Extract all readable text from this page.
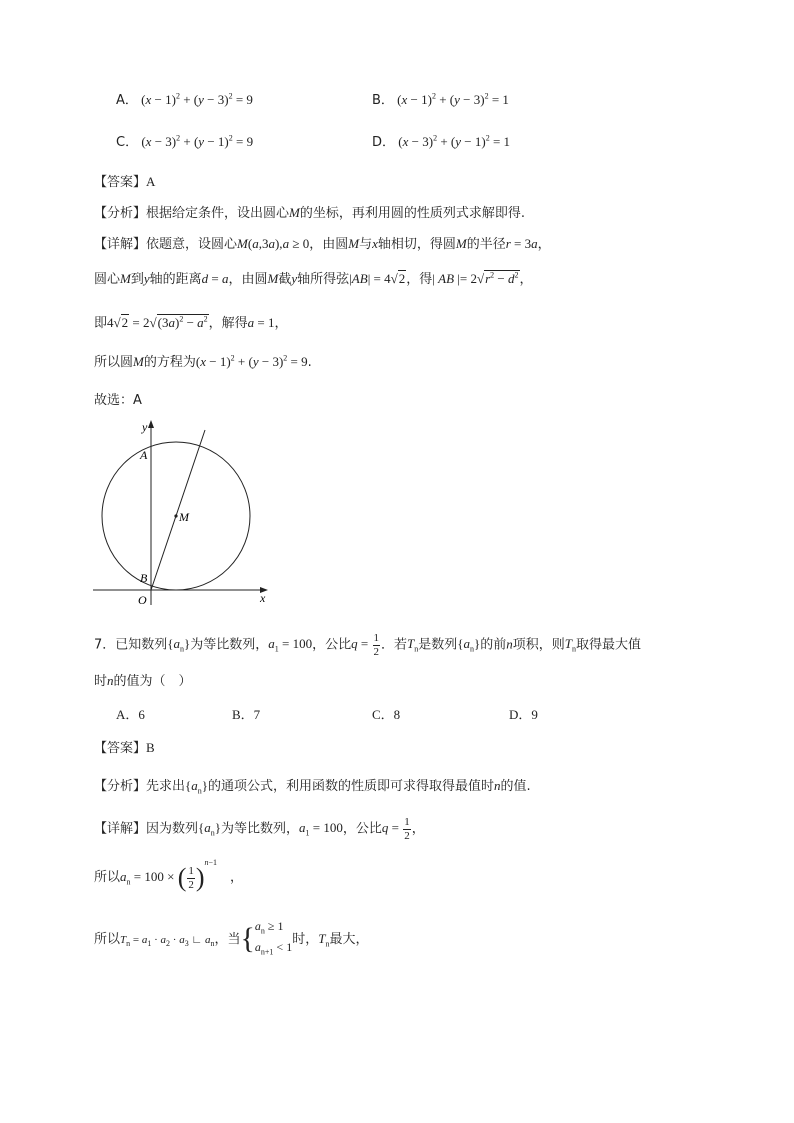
A． $(x - 1)^2 + (y - 3)^2 = 9$	B． $(x - 1)^2 + (y - 3)^2 = 1$
C． $(x - 3)^2 + (y - 1)^2 = 9$	D． $(x - 3)^2 + (y - 1)^2 = 1$
【答案】A
【分析】根据给定条件，设出圆心M的坐标，再利用圆的性质列式求解即得.
【详解】依题意，设圆心M(a,3a),a ≥ 0，由圆M与x轴相切，得圆M的半径r = 3a，
圆心M到y轴的距离d = a，由圆M截y轴所得弦|AB| = 4√2，得| AB |= $2√r^2 - d^2$，
即$4√2 = 2√(3a)^2 - a^2$，解得a = 1，
所以圆M的方程为$(x - 1)^2 + (y - 3)^2 = 9$.
故选：A
y
x
A
B
O
M
7．已知数列$\{a_n\}$为等比数列，$a_1 = 100$，公比$q = \frac{1}{2}$ ．若$T_n$是数列$\{a_n\}$的前n项积，则$T_n$取得最大值
时n的值为（　）
A．6	B．7	C．8	D．9
【答案】B
【分析】先求出$\{a_n\}$的通项公式，利用函数的性质即可求得取得最值时n的值.
【详解】因为数列$\{a_n\}$为等比数列，$a_1 = 100$，公比$q = \frac{1}{2}$ ，
所以$a_n = 100$ × ( $\frac{1}{2} )^{n-1}$　，
所以$T_n = a_1 \cdot a_2 \cdot a_3$ ∟ $a_n$，当 { $a_n \ge 1$
$a_{n+1} < 1$
时，$T_n$最大，
